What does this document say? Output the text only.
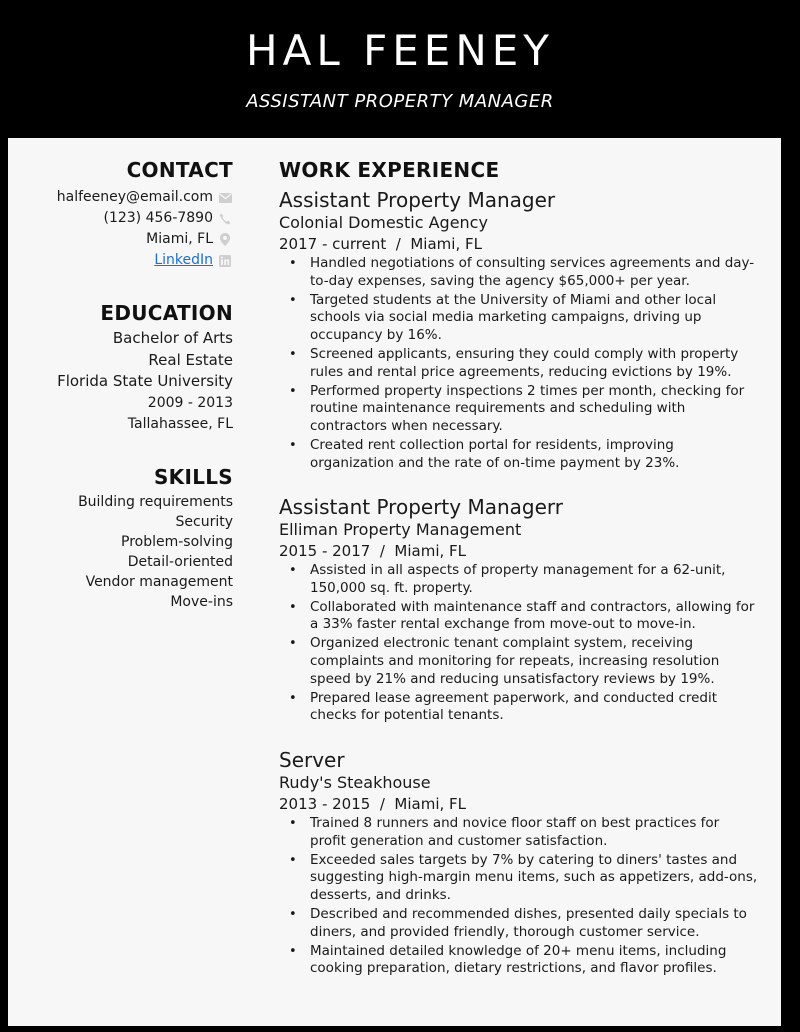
HAL FEENEY
ASSISTANT PROPERTY MANAGER
CONTACT
halfeeney@email.com
(123) 456-7890
Miami, FL
LinkedIn
EDUCATION
Bachelor of Arts
Real Estate
Florida State University
2009 - 2013
Tallahassee, FL
SKILLS
Building requirements
Security
Problem-solving
Detail-oriented
Vendor management
Move-ins
WORK EXPERIENCE
Assistant Property Manager
Colonial Domestic Agency
2017 - current  /  Miami, FL
• Handled negotiations of consulting services agreements and day-to-day expenses, saving the agency $65,000+ per year.
• Targeted students at the University of Miami and other local schools via social media marketing campaigns, driving up occupancy by 16%.
• Screened applicants, ensuring they could comply with property rules and rental price agreements, reducing evictions by 19%.
• Performed property inspections 2 times per month, checking for routine maintenance requirements and scheduling with contractors when necessary.
• Created rent collection portal for residents, improving organization and the rate of on-time payment by 23%.
Assistant Property Managerr
Elliman Property Management
2015 - 2017  /  Miami, FL
• Assisted in all aspects of property management for a 62-unit, 150,000 sq. ft. property.
• Collaborated with maintenance staff and contractors, allowing for a 33% faster rental exchange from move-out to move-in.
• Organized electronic tenant complaint system, receiving complaints and monitoring for repeats, increasing resolution speed by 21% and reducing unsatisfactory reviews by 19%.
• Prepared lease agreement paperwork, and conducted credit checks for potential tenants.
Server
Rudy's Steakhouse
2013 - 2015  /  Miami, FL
• Trained 8 runners and novice floor staff on best practices for profit generation and customer satisfaction.
• Exceeded sales targets by 7% by catering to diners' tastes and suggesting high-margin menu items, such as appetizers, add-ons, desserts, and drinks.
• Described and recommended dishes, presented daily specials to diners, and provided friendly, thorough customer service.
• Maintained detailed knowledge of 20+ menu items, including cooking preparation, dietary restrictions, and flavor profiles.
